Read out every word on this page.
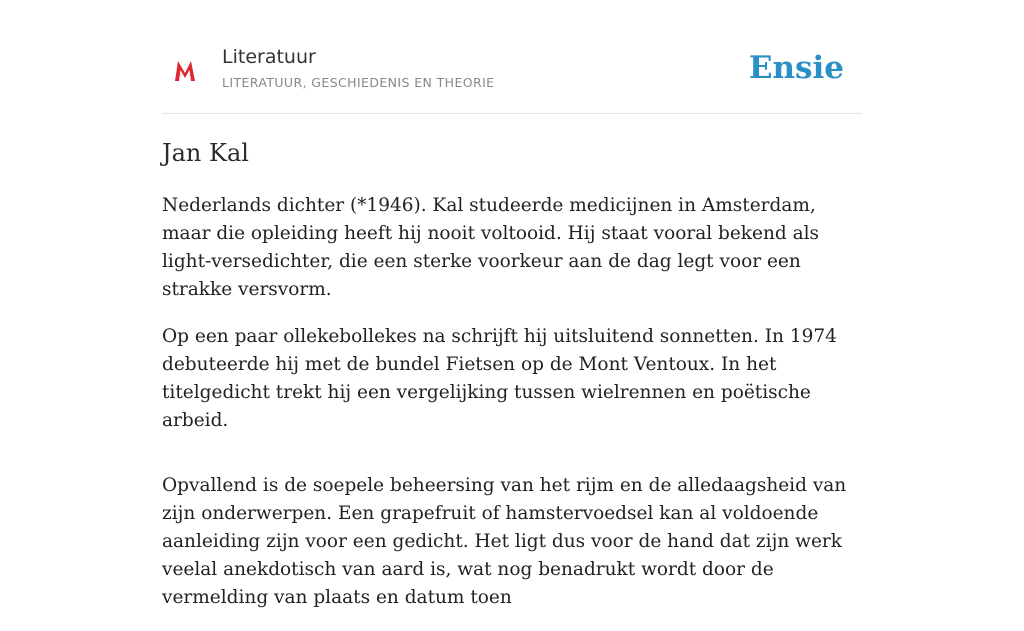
Literatuur
LITERATUUR, GESCHIEDENIS EN THEORIE	Ensie
Jan Kal

Nederlands dichter (*1946). Kal studeerde medicijnen in Amsterdam, maar die opleiding heeft hij nooit voltooid. Hij staat vooral bekend als light-versedichter, die een sterke voorkeur aan de dag legt voor een strakke versvorm.

Op een paar ollekebollekes na schrijft hij uitsluitend sonnetten. In 1974 debuteerde hij met de bundel Fietsen op de Mont Ventoux. In het titelgedicht trekt hij een vergelijking tussen wielrennen en poëtische arbeid.

Opvallend is de soepele beheersing van het rijm en de alledaagsheid van zijn onderwerpen. Een grapefruit of hamstervoedsel kan al voldoende aanleiding zijn voor een gedicht. Het ligt dus voor de hand dat zijn werk veelal anekdotisch van aard is, wat nog benadrukt wordt door de vermelding van plaats en datum toen
